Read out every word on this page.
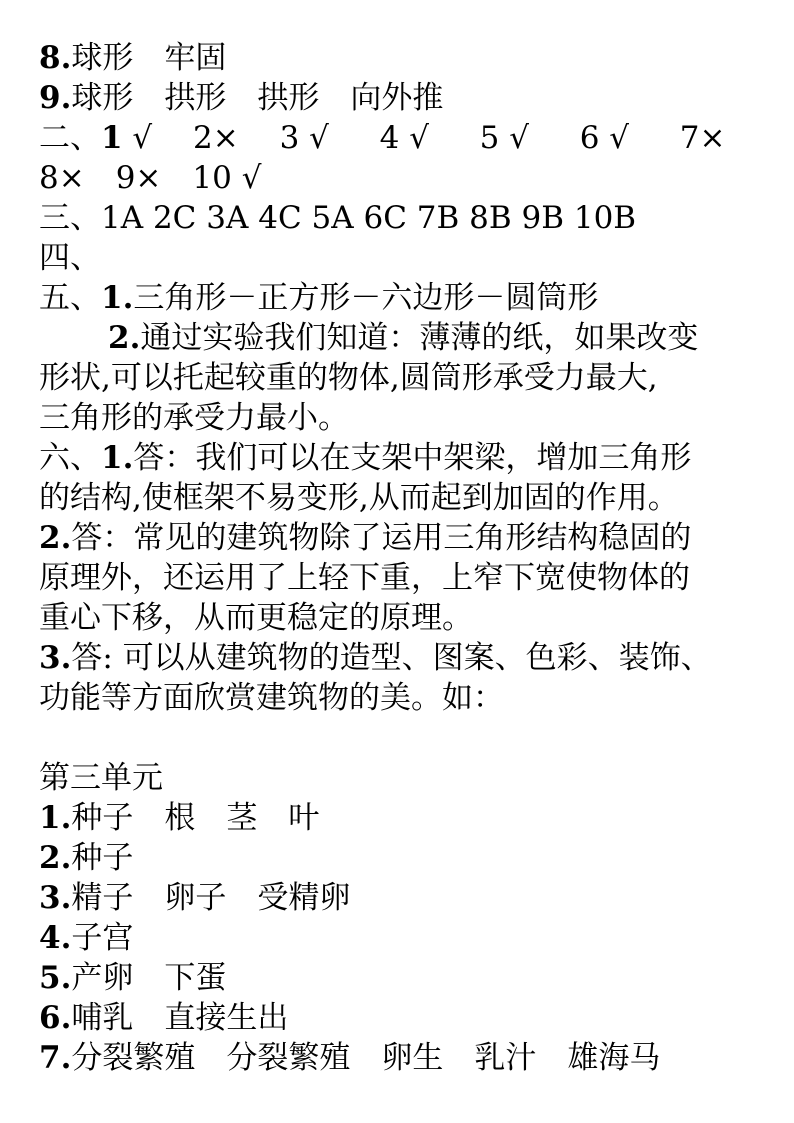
8.球形　牢固
9.球形　拱形　拱形　向外推
二、1 √　 2× 　3 √ 　 4 √ 　 5 √ 　 6 √ 　 7×
8×　9×　10 √
三、1A 2C 3A 4C 5A 6C 7B 8B 9B 10B
四、
五、1.三角形－正方形－六边形－圆筒形
2.通过实验我们知道：薄薄的纸，如果改变
形状,可以托起较重的物体,圆筒形承受力最大,
三角形的承受力最小。
六、1.答：我们可以在支架中架梁，增加三角形
的结构,使框架不易变形,从而起到加固的作用。
2.答：常见的建筑物除了运用三角形结构稳固的
原理外，还运用了上轻下重，上窄下宽使物体的
重心下移，从而更稳定的原理。
3.答: 可以从建筑物的造型、图案、色彩、装饰、
功能等方面欣赏建筑物的美。如：
第三单元
1.种子　根　茎　叶
2.种子
3.精子　卵子　受精卵
4.子宫
5.产卵　下蛋
6.哺乳　直接生出
7.分裂繁殖　分裂繁殖　卵生　乳汁　雄海马
